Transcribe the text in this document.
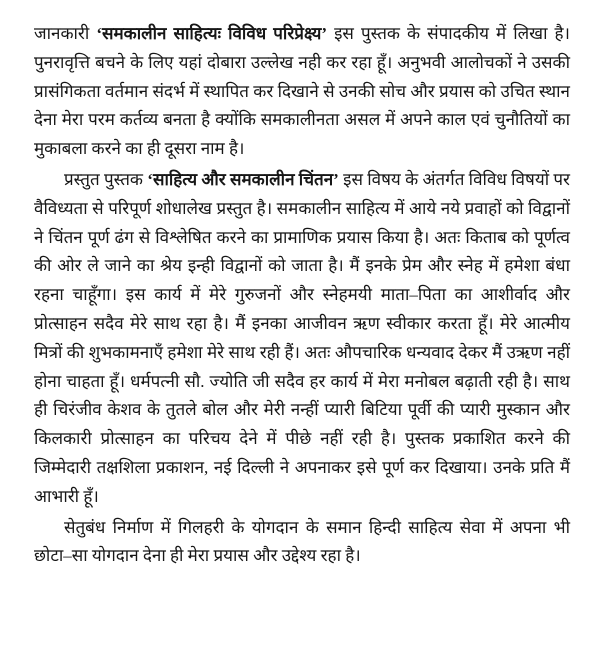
जानकारी ‘समकालीन साहित्यः विविध परिप्रेक्ष्य’ इस पुस्तक के संपादकीय में लिखा है। पुनरावृत्ति बचने के लिए यहां दोबारा उल्लेख नही कर रहा हूँ। अनुभवी आलोचकों ने उसकी प्रासंगिकता वर्तमान संदर्भ में स्थापित कर दिखाने से उनकी सोच और प्रयास को उचित स्थान देना मेरा परम कर्तव्य बनता है क्योंकि समकालीनता असल में अपने काल एवं चुनौतियों का मुकाबला करने का ही दूसरा नाम है।

प्रस्तुत पुस्तक ‘साहित्य और समकालीन चिंतन’ इस विषय के अंतर्गत विविध विषयों पर वैविध्यता से परिपूर्ण शोधालेख प्रस्तुत है। समकालीन साहित्य में आये नये प्रवाहों को विद्वानों ने चिंतन पूर्ण ढंग से विश्लेषित करने का प्रामाणिक प्रयास किया है। अतः किताब को पूर्णत्व की ओर ले जाने का श्रेय इन्ही विद्वानों को जाता है। मैं इनके प्रेम और स्नेह में हमेशा बंधा रहना चाहूँगा। इस कार्य में मेरे गुरुजनों और स्नेहमयी माता–पिता का आशीर्वाद और प्रोत्साहन सदैव मेरे साथ रहा है। मैं इनका आजीवन ऋण स्वीकार करता हूँ। मेरे आत्मीय मित्रों की शुभकामनाएँ हमेशा मेरे साथ रही हैं। अतः औपचारिक धन्यवाद देकर मैं उऋण नहीं होना चाहता हूँ। धर्मपत्नी सौ. ज्योति जी सदैव हर कार्य में मेरा मनोबल बढ़ाती रही है। साथ ही चिरंजीव केशव के तुतले बोल और मेरी नन्हीं प्यारी बिटिया पूर्वी की प्यारी मुस्कान और किलकारी प्रोत्साहन का परिचय देने में पीछे नहीं रही है। पुस्तक प्रकाशित करने की जिम्मेदारी तक्षशिला प्रकाशन, नई दिल्ली ने अपनाकर इसे पूर्ण कर दिखाया। उनके प्रति मैं आभारी हूँ।

सेतुबंध निर्माण में गिलहरी के योगदान के समान हिन्दी साहित्य सेवा में अपना भी छोटा–सा योगदान देना ही मेरा प्रयास और उद्देश्य रहा है।
